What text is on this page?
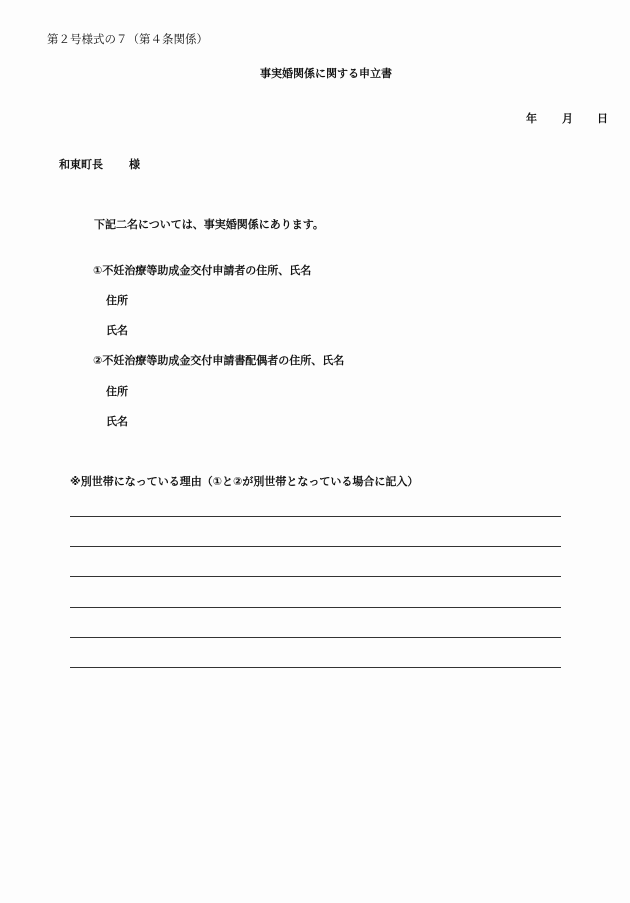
第２号様式の７（第４条関係）
事実婚関係に関する申立書
年 月 日
和東町長 様
下記二名については、事実婚関係にあります。
①不妊治療等助成金交付申請者の住所、氏名
住所
氏名
②不妊治療等助成金交付申請書配偶者の住所、氏名
住所
氏名
※別世帯になっている理由（①と②が別世帯となっている場合に記入）
